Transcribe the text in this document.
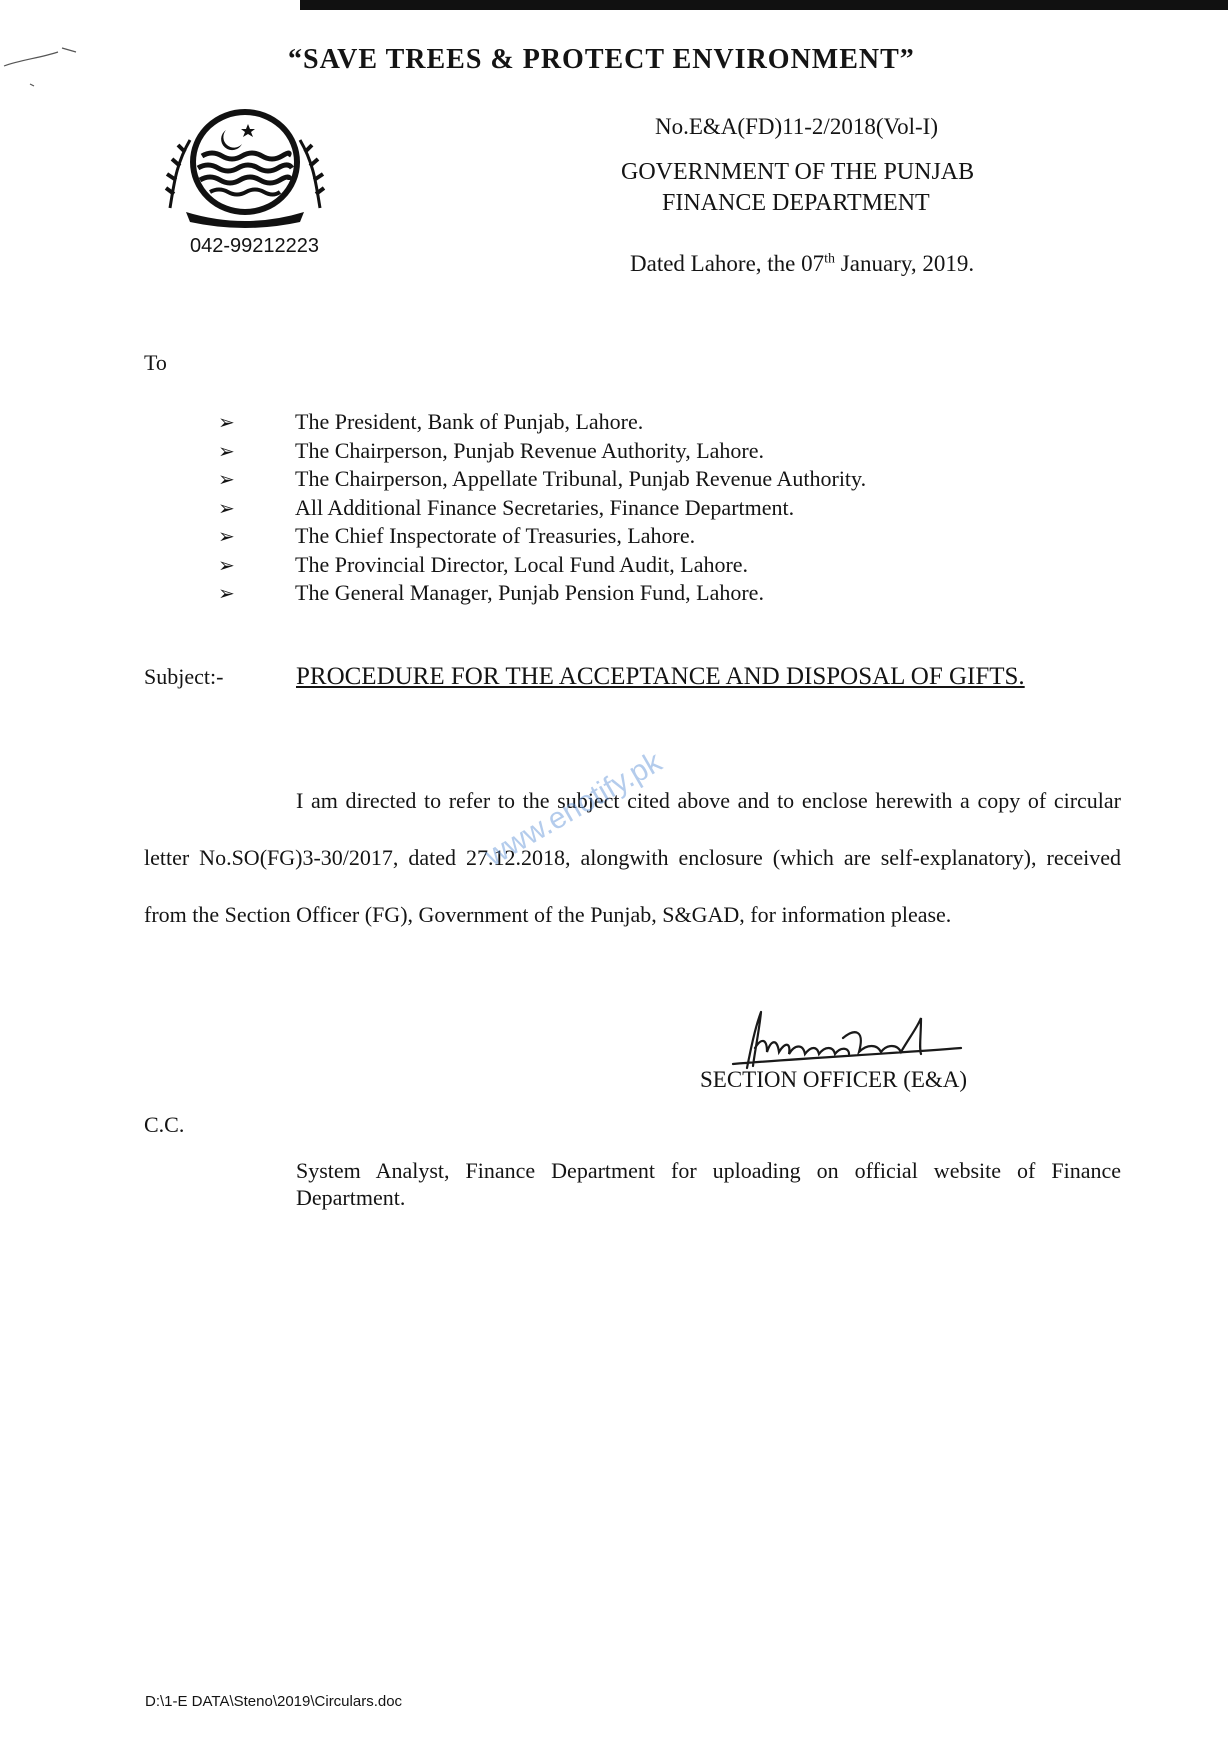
“SAVE TREES & PROTECT ENVIRONMENT”
042-99212223
No.E&A(FD)11-2/2018(Vol-I)
GOVERNMENT OF THE PUNJAB
FINANCE DEPARTMENT
Dated Lahore, the 07th January, 2019.
To
➢	The President, Bank of Punjab, Lahore.
➢	The Chairperson, Punjab Revenue Authority, Lahore.
➢	The Chairperson, Appellate Tribunal, Punjab Revenue Authority.
➢	All Additional Finance Secretaries, Finance Department.
➢	The Chief Inspectorate of Treasuries, Lahore.
➢	The Provincial Director, Local Fund Audit, Lahore.
➢	The General Manager, Punjab Pension Fund, Lahore.
Subject:-	PROCEDURE FOR THE ACCEPTANCE AND DISPOSAL OF GIFTS.
I am directed to refer to the subject cited above and to enclose herewith a copy of circular letter No.SO(FG)3-30/2017, dated 27.12.2018, alongwith enclosure (which are self-explanatory), received from the Section Officer (FG), Government of the Punjab, S&GAD, for information please.
www.enotify.pk
SECTION OFFICER (E&A)
C.C.
System Analyst, Finance Department for uploading on official website of Finance Department.
D:\1-E DATA\Steno\2019\Circulars.doc
